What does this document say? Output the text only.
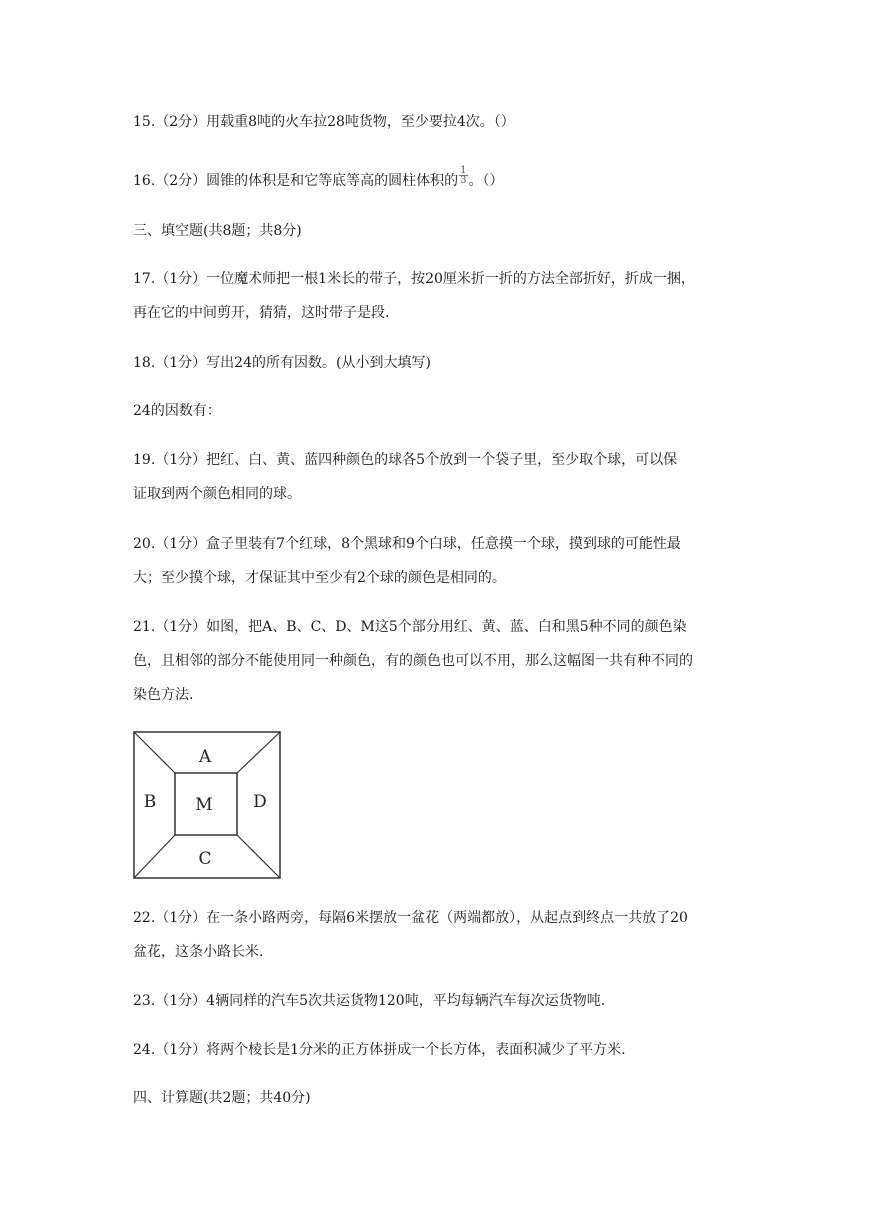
15.（2分）用载重8吨的火车拉28吨货物，至少要拉4次。（）
16.（2分）圆锥的体积是和它等底等高的圆柱体积的 $\frac{1}{3}$ 。（）
三、填空题(共8题；共8分)
17.（1分）一位魔术师把一根1米长的带子，按20厘米折一折的方法全部折好，折成一捆，
再在它的中间剪开，猜猜，这时带子是段.
18.（1分）写出24的所有因数。(从小到大填写)
24的因数有：
19.（1分）把红、白、黄、蓝四种颜色的球各5个放到一个袋子里，至少取个球，可以保
证取到两个颜色相同的球。
20.（1分）盒子里装有7个红球，8个黑球和9个白球，任意摸一个球，摸到球的可能性最
大；至少摸个球，才保证其中至少有2个球的颜色是相同的。
21.（1分）如图，把A、B、C、D、M这5个部分用红、黄、蓝、白和黑5种不同的颜色染
色，且相邻的部分不能使用同一种颜色，有的颜色也可以不用，那么这幅图一共有种不同的
染色方法.
A
B M D
C
22.（1分）在一条小路两旁，每隔6米摆放一盆花（两端都放），从起点到终点一共放了20
盆花，这条小路长米.
23.（1分）4辆同样的汽车5次共运货物120吨，平均每辆汽车每次运货物吨.
24.（1分）将两个棱长是1分米的正方体拼成一个长方体，表面积减少了平方米.
四、计算题(共2题；共40分)
